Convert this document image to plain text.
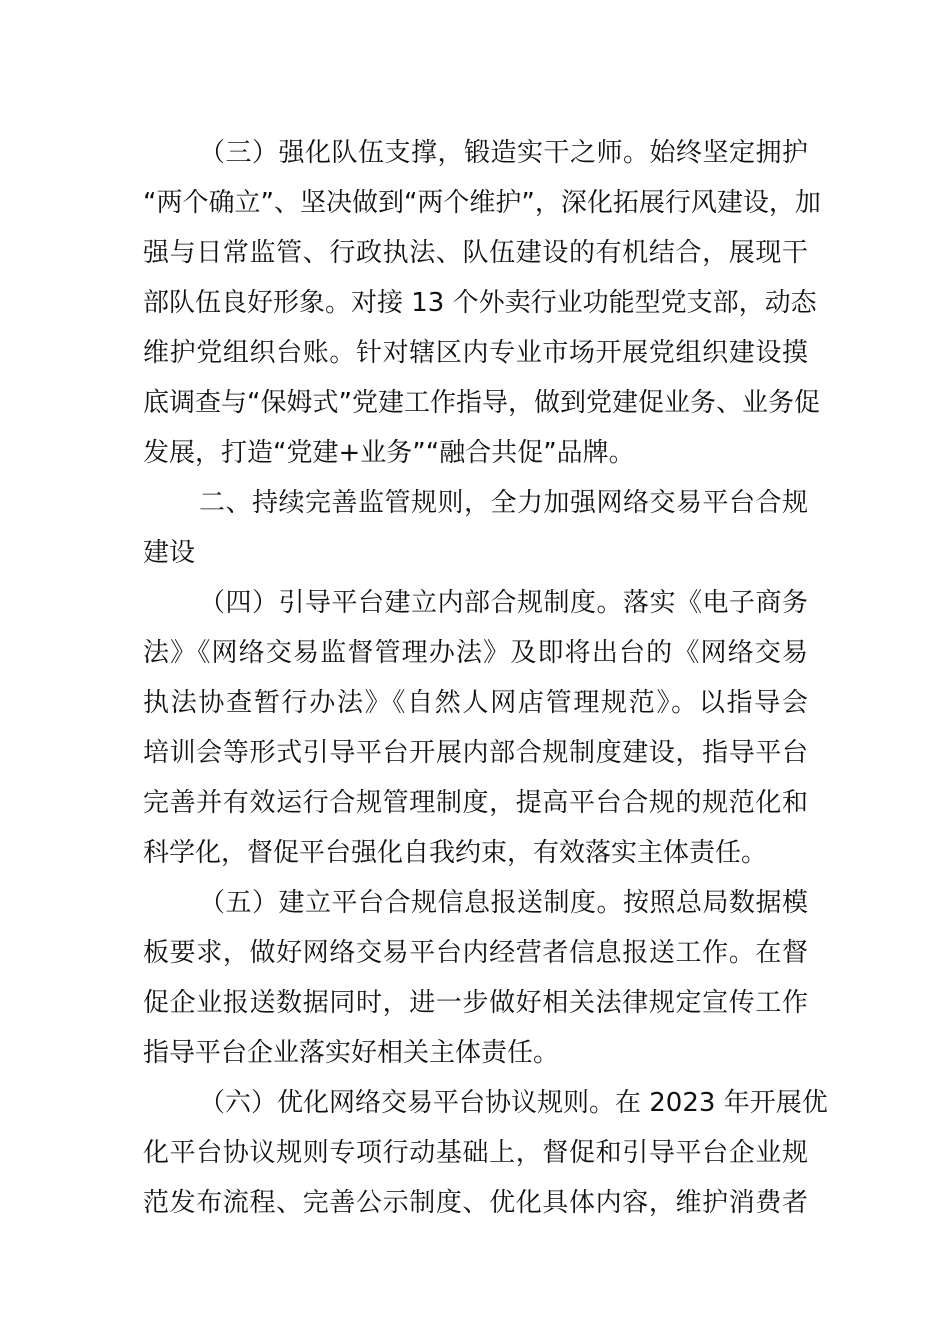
（三）强化队伍支撑，锻造实干之师。始终坚定拥护
“两个确立”、坚决做到“两个维护”，深化拓展行风建设，加
强与日常监管、行政执法、队伍建设的有机结合，展现干
部队伍良好形象。对接 13 个外卖行业功能型党支部，动态
维护党组织台账。针对辖区内专业市场开展党组织建设摸
底调查与“保姆式”党建工作指导，做到党建促业务、业务促
发展，打造“党建+业务”“融合共促”品牌。
二、持续完善监管规则，全力加强网络交易平台合规
建设
（四）引导平台建立内部合规制度。落实《电子商务
法》《网络交易监督管理办法》及即将出台的《网络交易
执法协查暂行办法》《自然人网店管理规范》。以指导会
培训会等形式引导平台开展内部合规制度建设，指导平台
完善并有效运行合规管理制度，提高平台合规的规范化和
科学化，督促平台强化自我约束，有效落实主体责任。
（五）建立平台合规信息报送制度。按照总局数据模
板要求，做好网络交易平台内经营者信息报送工作。在督
促企业报送数据同时，进一步做好相关法律规定宣传工作
指导平台企业落实好相关主体责任。
（六）优化网络交易平台协议规则。在 2023 年开展优
化平台协议规则专项行动基础上，督促和引导平台企业规
范发布流程、完善公示制度、优化具体内容，维护消费者
